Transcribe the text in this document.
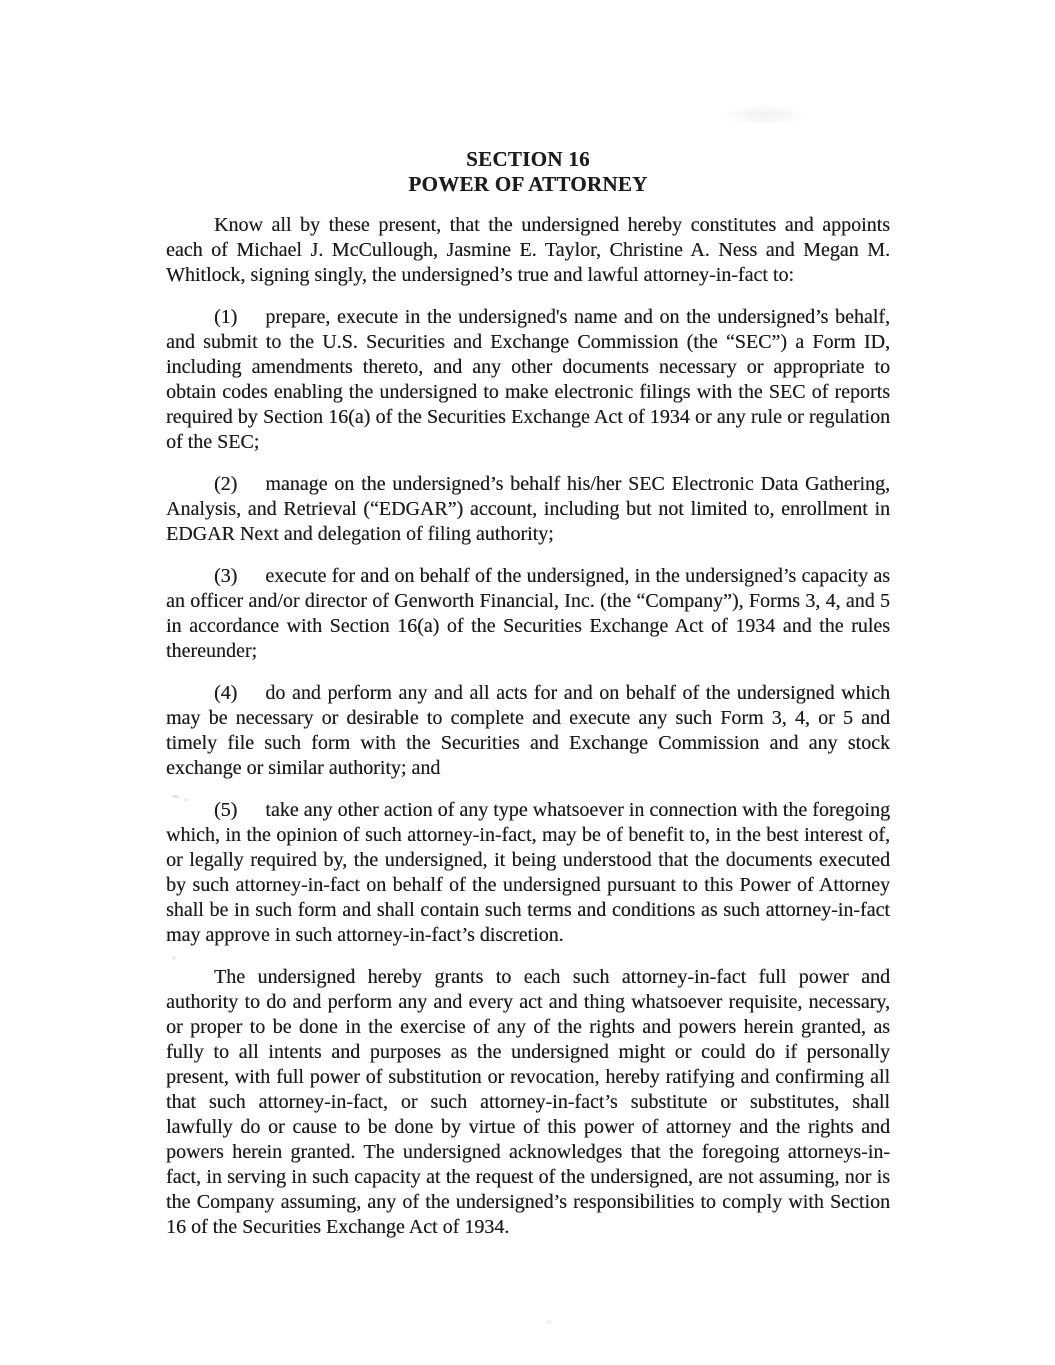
SECTION 16
POWER OF ATTORNEY

Know all by these present, that the undersigned hereby constitutes and appoints each of Michael J. McCullough, Jasmine E. Taylor, Christine A. Ness and Megan M. Whitlock, signing singly, the undersigned’s true and lawful attorney-in-fact to:

(1) prepare, execute in the undersigned's name and on the undersigned’s behalf, and submit to the U.S. Securities and Exchange Commission (the “SEC”) a Form ID, including amendments thereto, and any other documents necessary or appropriate to obtain codes enabling the undersigned to make electronic filings with the SEC of reports required by Section 16(a) of the Securities Exchange Act of 1934 or any rule or regulation of the SEC;

(2) manage on the undersigned’s behalf his/her SEC Electronic Data Gathering, Analysis, and Retrieval (“EDGAR”) account, including but not limited to, enrollment in EDGAR Next and delegation of filing authority;

(3) execute for and on behalf of the undersigned, in the undersigned’s capacity as an officer and/or director of Genworth Financial, Inc. (the “Company”), Forms 3, 4, and 5 in accordance with Section 16(a) of the Securities Exchange Act of 1934 and the rules thereunder;

(4) do and perform any and all acts for and on behalf of the undersigned which may be necessary or desirable to complete and execute any such Form 3, 4, or 5 and timely file such form with the Securities and Exchange Commission and any stock exchange or similar authority; and

(5) take any other action of any type whatsoever in connection with the foregoing which, in the opinion of such attorney-in-fact, may be of benefit to, in the best interest of, or legally required by, the undersigned, it being understood that the documents executed by such attorney-in-fact on behalf of the undersigned pursuant to this Power of Attorney shall be in such form and shall contain such terms and conditions as such attorney-in-fact may approve in such attorney-in-fact’s discretion.

The undersigned hereby grants to each such attorney-in-fact full power and authority to do and perform any and every act and thing whatsoever requisite, necessary, or proper to be done in the exercise of any of the rights and powers herein granted, as fully to all intents and purposes as the undersigned might or could do if personally present, with full power of substitution or revocation, hereby ratifying and confirming all that such attorney-in-fact, or such attorney-in-fact’s substitute or substitutes, shall lawfully do or cause to be done by virtue of this power of attorney and the rights and powers herein granted. The undersigned acknowledges that the foregoing attorneys-in-fact, in serving in such capacity at the request of the undersigned, are not assuming, nor is the Company assuming, any of the undersigned’s responsibilities to comply with Section 16 of the Securities Exchange Act of 1934.
